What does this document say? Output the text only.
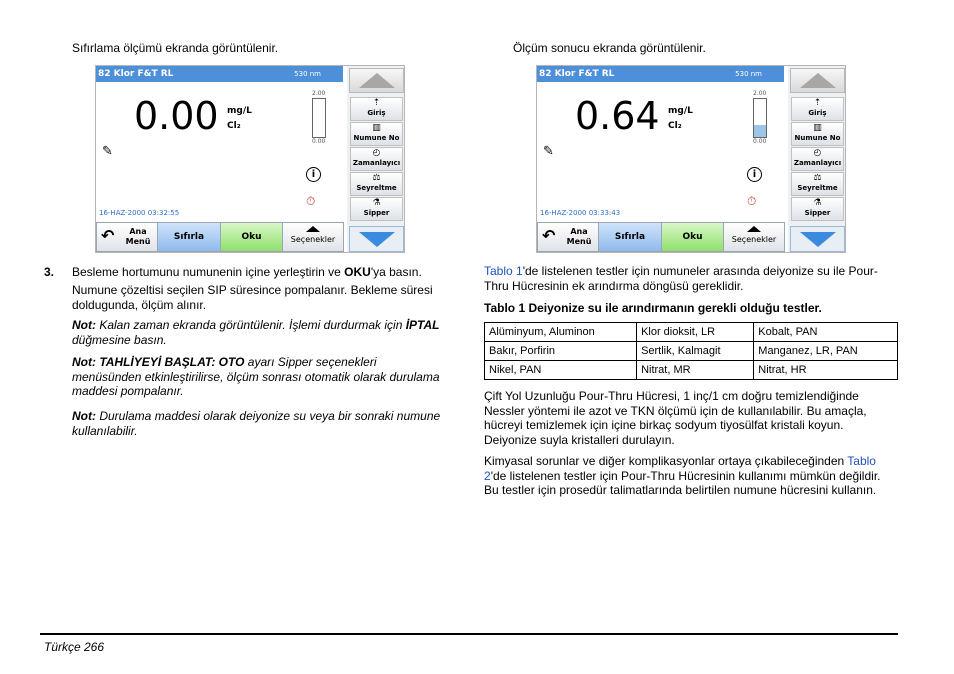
Sıfırlama ölçümü ekranda görüntülenir.
82 Klor F&T RL	530 nm
0.00 mg/L
Cl₂
2.00
0.00
✎
i
⏱
16-HAZ-2000 03:32:55
↶	Ana Menü	Sıfırla	Oku	Seçenekler
⇡
Giriş
▥
Numune No
◴
Zamanlayıcı
⚖
Seyreltme
⚗
Sipper
3. Besleme hortumunu numunenin içine yerleştirin ve OKU'ya basın.
Numune çözeltisi seçilen SIP süresince pompalanır. Bekleme süresi doldugunda, ölçüm alınır.
Not: Kalan zaman ekranda görüntülenir. İşlemi durdurmak için İPTAL düğmesine basın.
Not: TAHLİYEYİ BAŞLAT: OTO ayarı Sipper seçenekleri menüsünden etkinleştirilirse, ölçüm sonrası otomatik olarak durulama maddesi pompalanır.
Not: Durulama maddesi olarak deiyonize su veya bir sonraki numune kullanılabilir.
Ölçüm sonucu ekranda görüntülenir.
82 Klor F&T RL	530 nm
0.64 mg/L
Cl₂
2.00
0.00
✎
i
⏱
16-HAZ-2000 03:33:43
↶	Ana Menü	Sıfırla	Oku	Seçenekler
⇡
Giriş
▥
Numune No
◴
Zamanlayıcı
⚖
Seyreltme
⚗
Sipper
Tablo 1'de listelenen testler için numuneler arasında deiyonize su ile Pour-Thru Hücresinin ek arındırma döngüsü gereklidir.
Tablo 1 Deiyonize su ile arındırmanın gerekli olduğu testler.
Alüminyum, Aluminon	Klor dioksit, LR	Kobalt, PAN
Bakır, Porfirin	Sertlik, Kalmagit	Manganez, LR, PAN
Nikel, PAN	Nitrat, MR	Nitrat, HR
Çift Yol Uzunluğu Pour-Thru Hücresi, 1 inç/1 cm doğru temizlendiğinde Nessler yöntemi ile azot ve TKN ölçümü için de kullanılabilir. Bu amaçla, hücreyi temizlemek için içine birkaç sodyum tiyosülfat kristali koyun. Deiyonize suyla kristalleri durulayın.
Kimyasal sorunlar ve diğer komplikasyonlar ortaya çıkabileceğinden Tablo 2'de listelenen testler için Pour-Thru Hücresinin kullanımı mümkün değildir. Bu testler için prosedür talimatlarında belirtilen numune hücresini kullanın.
Türkçe 266
